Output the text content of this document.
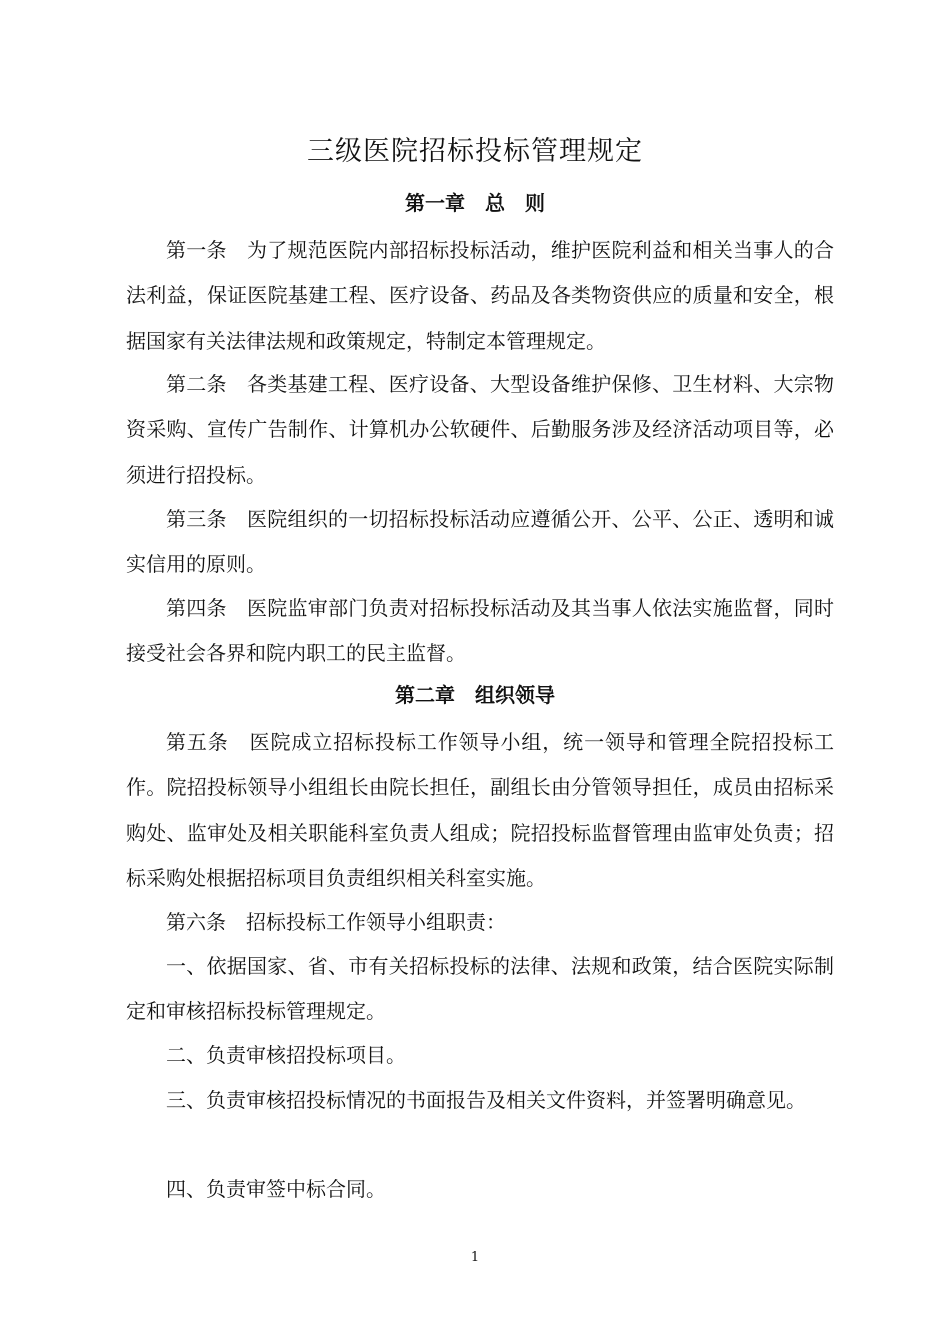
三级医院招标投标管理规定
第一章　总　则

第一条　 为了规范医院内部招标投标活动，维护医院利益和相关当事人的合法利益，保证医院基建工程、医疗设备、药品及各类物资供应的质量和安全，根据国家有关法律法规和政策规定，特制定本管理规定。

第二条　 各类基建工程、医疗设备、大型设备维护保修、卫生材料、大宗物资采购、宣传广告制作、计算机办公软硬件、后勤服务涉及经济活动项目等，必须进行招投标。

第三条　 医院组织的一切招标投标活动应遵循公开、公平、公正、透明和诚实信用的原则。

第四条　 医院监审部门负责对招标投标活动及其当事人依法实施监督，同时接受社会各界和院内职工的民主监督。

第二章　组织领导

第五条　 医院成立招标投标工作领导小组，统一领导和管理全院招投标工作。院招投标领导小组组长由院长担任，副组长由分管领导担任，成员由招标采购处、监审处及相关职能科室负责人组成；院招投标监督管理由监审处负责；招标采购处根据招标项目负责组织相关科室实施。

第六条　 招标投标工作领导小组职责：

一、依据国家、省、市有关招标投标的法律、法规和政策，结合医院实际制定和审核招标投标管理规定。

二、负责审核招投标项目。

三、负责审核招投标情况的书面报告及相关文件资料，并签署明确意见。

四、负责审签中标合同。

1
